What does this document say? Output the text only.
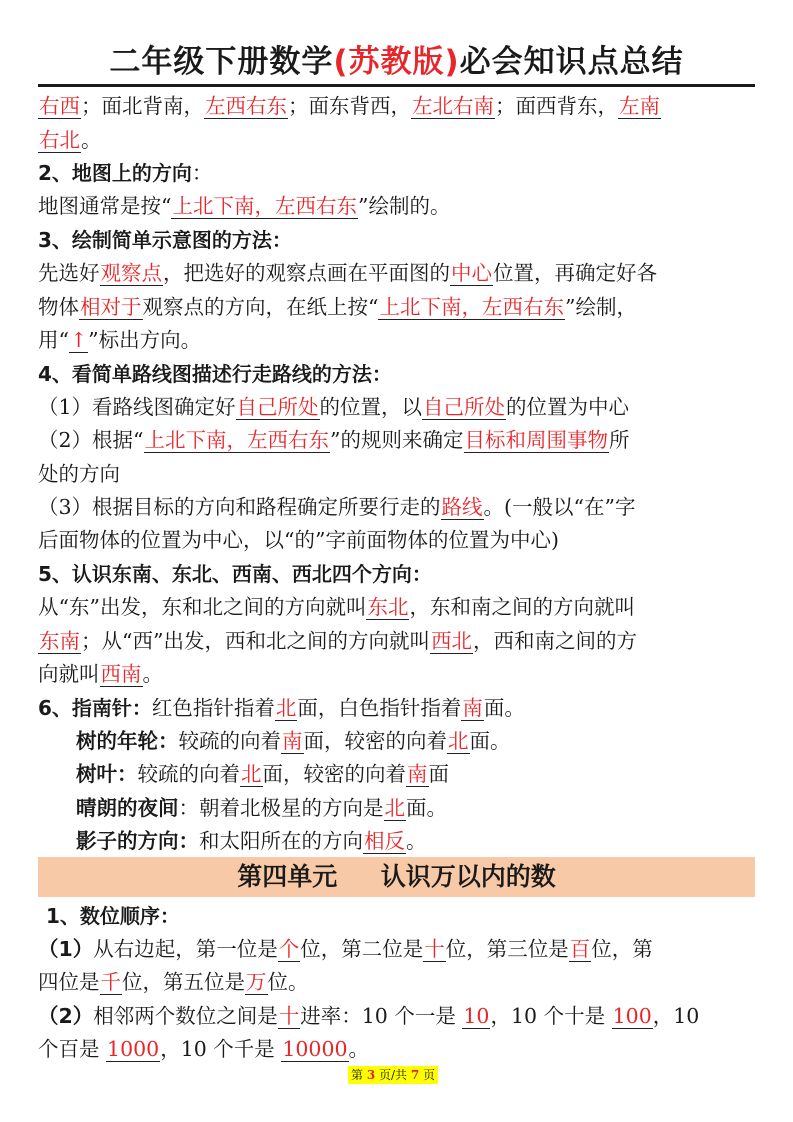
二年级下册数学(苏教版)必会知识点总结
右西；面北背南，左西右东；面东背西，左北右南；面西背东，左南
右北。
2、地图上的方向：
地图通常是按“上北下南，左西右东”绘制的。
3、绘制简单示意图的方法：
先选好观察点，把选好的观察点画在平面图的中心位置，再确定好各
物体相对于观察点的方向，在纸上按“上北下南，左西右东”绘制，
用“↑”标出方向。
4、看简单路线图描述行走路线的方法：
（1）看路线图确定好自己所处的位置，以自己所处的位置为中心
（2）根据“上北下南，左西右东”的规则来确定目标和周围事物所
处的方向
（3）根据目标的方向和路程确定所要行走的路线。(一般以“在”字
后面物体的位置为中心，以“的”字前面物体的位置为中心)
5、认识东南、东北、西南、西北四个方向：
从“东”出发，东和北之间的方向就叫东北，东和南之间的方向就叫
东南；从“西”出发，西和北之间的方向就叫西北，西和南之间的方
向就叫西南。
6、指南针：红色指针指着北面，白色指针指着南面。
树的年轮：较疏的向着南面，较密的向着北面。
树叶：较疏的向着北面，较密的向着南面
晴朗的夜间：朝着北极星的方向是北面。
影子的方向：和太阳所在的方向相反。
第四单元     认识万以内的数
1、数位顺序：
（1）从右边起，第一位是个位，第二位是十位，第三位是百位，第
四位是千位，第五位是万位。
（2）相邻两个数位之间是十进率：10 个一是 10，10 个十是 100，10
个百是 1000，10 个千是 10000。
第 3 页/共 7 页
